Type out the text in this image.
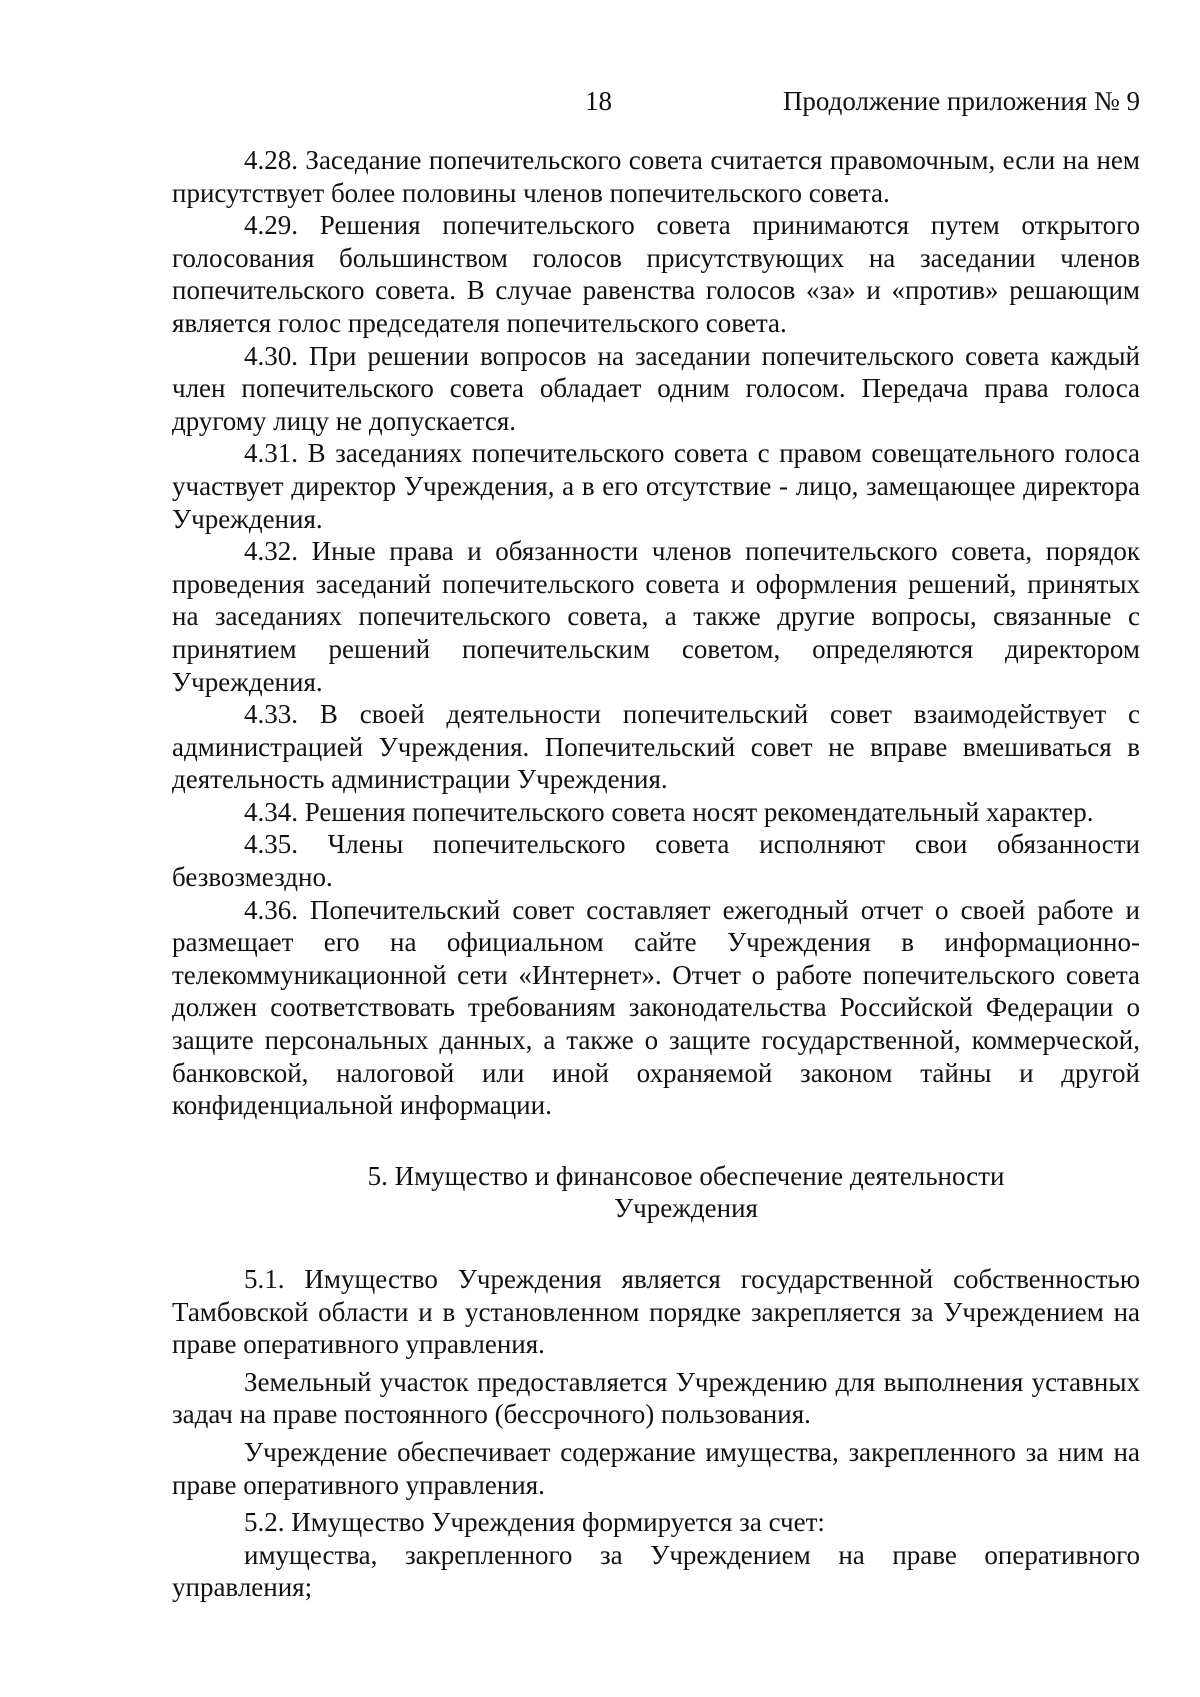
18	Продолжение приложения № 9

4.28. Заседание попечительского совета считается правомочным, если на нем присутствует более половины членов попечительского совета.

4.29. Решения попечительского совета принимаются путем открытого голосования большинством голосов присутствующих на заседании членов попечительского совета. В случае равенства голосов «за» и «против» решающим является голос председателя попечительского совета.

4.30. При решении вопросов на заседании попечительского совета каждый член попечительского совета обладает одним голосом. Передача права голоса другому лицу не допускается.

4.31. В заседаниях попечительского совета с правом совещательного голоса участвует директор Учреждения, а в его отсутствие - лицо, замещающее директора Учреждения.

4.32. Иные права и обязанности членов попечительского совета, порядок проведения заседаний попечительского совета и оформления решений, принятых на заседаниях попечительского совета, а также другие вопросы, связанные с принятием решений попечительским советом, определяются директором Учреждения.

4.33. В своей деятельности попечительский совет взаимодействует с администрацией Учреждения. Попечительский совет не вправе вмешиваться в деятельность администрации Учреждения.

4.34. Решения попечительского совета носят рекомендательный характер.

4.35. Члены попечительского совета исполняют свои обязанности безвозмездно.

4.36. Попечительский совет составляет ежегодный отчет о своей работе и размещает его на официальном сайте Учреждения в информационно-телекоммуникационной сети «Интернет». Отчет о работе попечительского совета должен соответствовать требованиям законодательства Российской Федерации о защите персональных данных, а также о защите государственной, коммерческой, банковской, налоговой или иной охраняемой законом тайны и другой конфиденциальной информации.

5. Имущество и финансовое обеспечение деятельности
Учреждения

5.1. Имущество Учреждения является государственной собственностью Тамбовской области и в установленном порядке закрепляется за Учреждением на праве оперативного управления.

Земельный участок предоставляется Учреждению для выполнения уставных задач на праве постоянного (бессрочного) пользования.

Учреждение обеспечивает содержание имущества, закрепленного за ним на праве оперативного управления.

5.2. Имущество Учреждения формируется за счет:

имущества, закрепленного за Учреждением на праве оперативного управления;
